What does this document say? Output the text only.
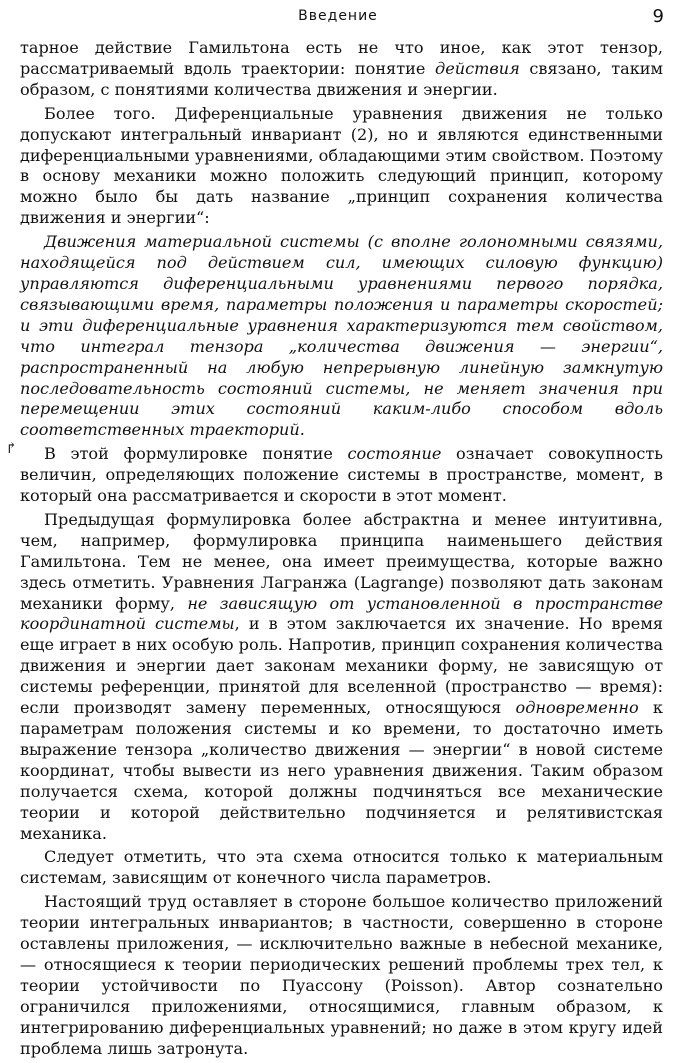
Введение	9
↱

тарное действие Гамильтона есть не что иное, как этот тензор, рассматриваемый вдоль траектории: понятие действия связано, таким образом, с понятиями количества движения и энергии.

Более того. Диференциальные уравнения движения не только допускают интегральный инвариант (2), но и являются единственными диференциальными уравнениями, обладающими этим свойством. Поэтому в основу механики можно положить следующий принцип, которому можно было бы дать название „принцип сохранения количества движения и энергии“:

Движения материальной системы (с вполне голономными связями, находящейся под действием сил, имеющих силовую функцию) управляются диференциальными уравнениями первого порядка, связывающими время, параметры положения и параметры скоростей; и эти диференциальные уравнения характеризуются тем свойством, что интеграл тензора „количества движения — энергии“, распространенный на любую непрерывную линейную замкнутую последовательность состояний системы, не меняет значения при перемещении этих состояний каким-либо способом вдоль соответственных траекторий.

В этой формулировке понятие состояние означает совокупность величин, определяющих положение системы в пространстве, момент, в который она рассматривается и скорости в этот момент.

Предыдущая формулировка более абстрактна и менее интуитивна, чем, например, формулировка принципа наименьшего действия Гамильтона. Тем не менее, она имеет преимущества, которые важно здесь отметить. Уравнения Лагранжа (Lagrange) позволяют дать законам механики форму, не зависящую от установленной в пространстве координатной системы, и в этом заключается их значение. Но время еще играет в них особую роль. Напротив, принцип сохранения количества движения и энергии дает законам механики форму, не зависящую от системы референции, принятой для вселенной (пространство — время): если производят замену переменных, относящуюся одновременно к параметрам положения системы и ко времени, то достаточно иметь выражение тензора „количество движения — энергии“ в новой системе координат, чтобы вывести из него уравнения движения. Таким образом получается схема, которой должны подчиняться все механические теории и которой действительно подчиняется и релятивистская механика.

Следует отметить, что эта схема относится только к материальным системам, зависящим от конечного числа параметров.

Настоящий труд оставляет в стороне большое количество приложений теории интегральных инвариантов; в частности, совершенно в стороне оставлены приложения, — исключительно важные в небесной механике, — относящиеся к теории периодических решений проблемы трех тел, к теории устойчивости по Пуассону (Poisson). Автор сознательно ограничился приложениями, относящимися, главным образом, к интегрированию диференциальных уравнений; но даже в этом кругу идей проблема лишь затронута.
